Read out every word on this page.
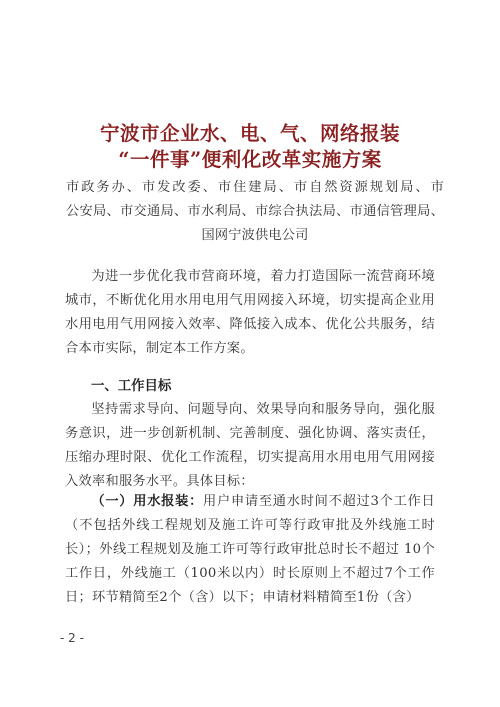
宁波市企业水、电、气、网络报装
“一件事”便利化改革实施方案
市政务办、市发改委、市住建局、市自然资源规划局、市
公安局、市交通局、市水利局、市综合执法局、市通信管理局、
国网宁波供电公司
为进一步优化我市营商环境，着力打造国际一流营商环境城市，不断优化用水用电用气用网接入环境，切实提高企业用水用电用气用网接入效率、降低接入成本、优化公共服务，结合本市实际，制定本工作方案。
一、工作目标
坚持需求导向、问题导向、效果导向和服务导向，强化服务意识，进一步创新机制、完善制度、强化协调、落实责任，压缩办理时限、优化工作流程，切实提高用水用电用气用网接入效率和服务水平。具体目标：
（一）用水报装：用户申请至通水时间不超过3个工作日（不包括外线工程规划及施工许可等行政审批及外线施工时长）；外线工程规划及施工许可等行政审批总时长不超过 10个工作日，外线施工（100米以内）时长原则上不超过7个工作日；环节精简至2个（含）以下；申请材料精简至1份（含）
- 2 -
